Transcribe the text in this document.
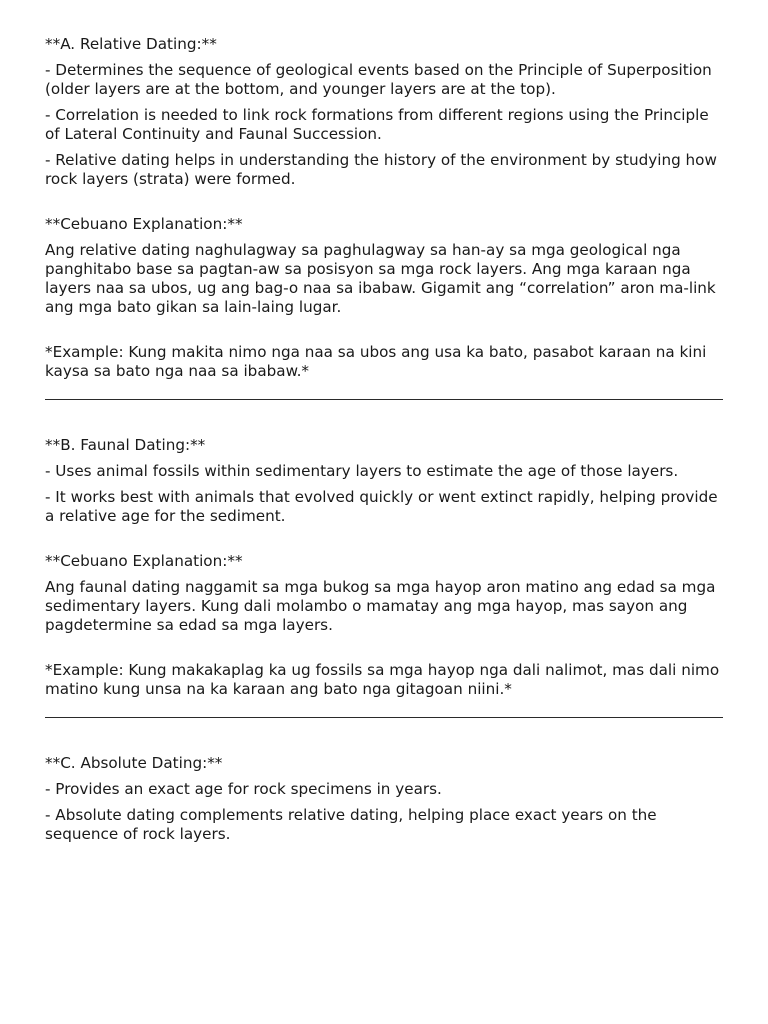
**A. Relative Dating:**

- Determines the sequence of geological events based on the Principle of Superposition (older layers are at the bottom, and younger layers are at the top).

- Correlation is needed to link rock formations from different regions using the Principle of Lateral Continuity and Faunal Succession.

- Relative dating helps in understanding the history of the environment by studying how rock layers (strata) were formed.

**Cebuano Explanation:**

Ang relative dating naghulagway sa paghulagway sa han-ay sa mga geological nga panghitabo base sa pagtan-aw sa posisyon sa mga rock layers. Ang mga karaan nga layers naa sa ubos, ug ang bag-o naa sa ibabaw. Gigamit ang “correlation” aron ma-link ang mga bato gikan sa lain-laing lugar.

*Example: Kung makita nimo nga naa sa ubos ang usa ka bato, pasabot karaan na kini kaysa sa bato nga naa sa ibabaw.*

**B. Faunal Dating:**

- Uses animal fossils within sedimentary layers to estimate the age of those layers.

- It works best with animals that evolved quickly or went extinct rapidly, helping provide a relative age for the sediment.

**Cebuano Explanation:**

Ang faunal dating naggamit sa mga bukog sa mga hayop aron matino ang edad sa mga sedimentary layers. Kung dali molambo o mamatay ang mga hayop, mas sayon ang pagdetermine sa edad sa mga layers.

*Example: Kung makakaplag ka ug fossils sa mga hayop nga dali nalimot, mas dali nimo matino kung unsa na ka karaan ang bato nga gitagoan niini.*

**C. Absolute Dating:**

- Provides an exact age for rock specimens in years.

- Absolute dating complements relative dating, helping place exact years on the sequence of rock layers.
